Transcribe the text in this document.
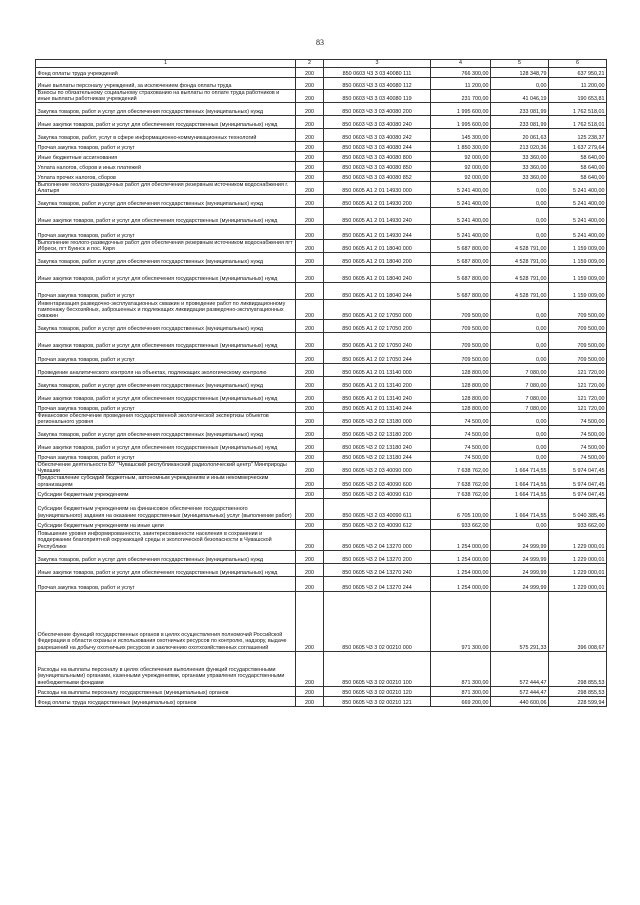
83
1	2	3	4	5	6
Фонд оплаты труда учреждений	200	850 0603 Ч3 3 03 40080 111	766 300,00	128 348,79	637 950,21
Иные выплаты персоналу учреждений, за исключением фонда оплаты труда	200	850 0603 Ч3 3 03 40080 112	11 200,00	0,00	11 200,00
Взносы по обязательному социальному страхованию на выплаты по оплате труда работников и иные выплаты работникам учреждений	200	850 0603 Ч3 3 03 40080 119	231 700,00	41 046,19	190 653,81
Закупка товаров, работ и услуг для обеспечения государственных (муниципальных) нужд	200	850 0603 Ч3 3 03 40080 200	1 995 600,00	233 081,99	1 762 518,01
Иные закупки товаров, работ и услуг для обеспечения государственных (муниципальных) нужд	200	850 0603 Ч3 3 03 40080 240	1 995 600,00	233 081,99	1 762 518,01
Закупка товаров, работ, услуг в сфере информационно-коммуникационных технологий	200	850 0603 Ч3 3 03 40080 242	145 300,00	20 061,63	125 238,37
Прочая закупка товаров, работ и услуг	200	850 0603 Ч3 3 03 40080 244	1 850 300,00	213 020,36	1 637 279,64
Иные бюджетные ассигнования	200	850 0603 Ч3 3 03 40080 800	92 000,00	33 360,00	58 640,00
Уплата налогов, сборов и иных платежей	200	850 0603 Ч3 3 03 40080 850	92 000,00	33 360,00	58 640,00
Уплата прочих налогов, сборов	200	850 0603 Ч3 3 03 40080 852	92 000,00	33 360,00	58 640,00
Выполнение геолого-разведочных работ для обеспечения резервным источником водоснабжения г. Алатыря	200	850 0605 А1 2 01 14930 000	5 241 400,00	0,00	5 241 400,00
Закупка товаров, работ и услуг для обеспечения государственных (муниципальных) нужд	200	850 0605 А1 2 01 14930 200	5 241 400,00	0,00	5 241 400,00
Иные закупки товаров, работ и услуг для обеспечения государственных (муниципальных) нужд	200	850 0605 А1 2 01 14930 240	5 241 400,00	0,00	5 241 400,00
Прочая закупка товаров, работ и услуг	200	850 0605 А1 2 01 14930 244	5 241 400,00	0,00	5 241 400,00
Выполнение геолого-разведочных работ для обеспечения резервным источником водоснабжения пгт Ибреси, пгт Буинск и пос. Киря	200	850 0605 А1 2 01 18040 000	5 687 800,00	4 528 791,00	1 159 009,00
Закупка товаров, работ и услуг для обеспечения государственных (муниципальных) нужд	200	850 0605 А1 2 01 18040 200	5 687 800,00	4 528 791,00	1 159 009,00
Иные закупки товаров, работ и услуг для обеспечения государственных (муниципальных) нужд	200	850 0605 А1 2 01 18040 240	5 687 800,00	4 528 791,00	1 159 009,00
Прочая закупка товаров, работ и услуг	200	850 0605 А1 2 01 18040 244	5 687 800,00	4 528 791,00	1 159 009,00
Инвентаризация разведочно-эксплуатационных скважин и проведение работ по ликвидационному тампонажу бесхозяйных, заброшенных и подлежащих ликвидации разведочно-эксплуатационных скважин	200	850 0605 А1 2 02 17050 000	709 500,00	0,00	709 500,00
Закупка товаров, работ и услуг для обеспечения государственных (муниципальных) нужд	200	850 0605 А1 2 02 17050 200	709 500,00	0,00	709 500,00
Иные закупки товаров, работ и услуг для обеспечения государственных (муниципальных) нужд	200	850 0605 А1 2 02 17050 240	709 500,00	0,00	709 500,00
Прочая закупка товаров, работ и услуг	200	850 0605 А1 2 02 17050 244	709 500,00	0,00	709 500,00
Проведение аналитического контроля на объектах, подлежащих экологическому контролю	200	850 0605 А1 2 01 13140 000	128 800,00	7 080,00	121 720,00
Закупка товаров, работ и услуг для обеспечения государственных (муниципальных) нужд	200	850 0605 А1 2 01 13140 200	128 800,00	7 080,00	121 720,00
Иные закупки товаров, работ и услуг для обеспечения государственных (муниципальных) нужд	200	850 0605 А1 2 01 13140 240	128 800,00	7 080,00	121 720,00
Прочая закупка товаров, работ и услуг	200	850 0605 А1 2 01 13140 244	128 800,00	7 080,00	121 720,00
Финансовое обеспечение проведения государственной экологической экспертизы объектов регионального уровня	200	850 0605 Ч3 2 02 13180 000	74 500,00	0,00	74 500,00
Закупка товаров, работ и услуг для обеспечения государственных (муниципальных) нужд	200	850 0605 Ч3 2 02 13180 200	74 500,00	0,00	74 500,00
Иные закупки товаров, работ и услуг для обеспечения государственных (муниципальных) нужд	200	850 0605 Ч3 2 02 13180 240	74 500,00	0,00	74 500,00
Прочая закупка товаров, работ и услуг	200	850 0605 Ч3 2 02 13180 244	74 500,00	0,00	74 500,00
Обеспечение деятельности БУ "Чувашский республиканский радиологический центр" Минприроды Чувашии	200	850 0605 Ч3 2 03 40090 000	7 638 762,00	1 664 714,55	5 974 047,45
Предоставление субсидий бюджетным, автономным учреждениям и иным некоммерческим организациям	200	850 0605 Ч3 2 03 40090 600	7 638 762,00	1 664 714,55	5 974 047,45
Субсидии бюджетным учреждениям	200	850 0605 Ч3 2 03 40090 610	7 638 762,00	1 664 714,55	5 974 047,45
Субсидии бюджетным учреждениям на финансовое обеспечение государственного (муниципального) задания на оказание государственных (муниципальных) услуг (выполнение работ)	200	850 0605 Ч3 2 03 40090 611	6 705 100,00	1 664 714,55	5 040 385,45
Субсидии бюджетным учреждениям на иные цели	200	850 0605 Ч3 2 03 40090 612	933 662,00	0,00	933 662,00
Повышение уровня информированности, заинтересованности населения в сохранении и поддержании благоприятной окружающей среды и экологической безопасности в Чувашской Республике	200	850 0605 Ч3 2 04 13270 000	1 254 000,00	24 999,99	1 229 000,01
Закупка товаров, работ и услуг для обеспечения государственных (муниципальных) нужд	200	850 0605 Ч3 2 04 13270 200	1 254 000,00	24 999,99	1 229 000,01
Иные закупки товаров, работ и услуг для обеспечения государственных (муниципальных) нужд	200	850 0605 Ч3 2 04 13270 240	1 254 000,00	24 999,99	1 229 000,01
Прочая закупка товаров, работ и услуг	200	850 0605 Ч3 2 04 13270 244	1 254 000,00	24 999,99	1 229 000,01
Обеспечение функций государственных органов в целях осуществления полномочий Российской Федерации в области охраны и использования охотничьих ресурсов по контролю, надзору, выдаче разрешений на добычу охотничьих ресурсов и заключению охотхозяйственных соглашений	200	850 0605 Ч3 3 02 00210 000	971 300,00	575 291,33	396 008,67
Расходы на выплаты персоналу в целях обеспечения выполнения функций государственными (муниципальными) органами, казенными учреждениями, органами управления государственными внебюджетными фондами	200	850 0605 Ч3 3 02 00210 100	871 300,00	572 444,47	298 855,53
Расходы на выплаты персоналу государственных (муниципальных) органов	200	850 0605 Ч3 3 02 00210 120	871 300,00	572 444,47	298 855,53
Фонд оплаты труда государственных (муниципальных) органов	200	850 0605 Ч3 3 02 00210 121	669 200,00	440 600,06	228 599,94
